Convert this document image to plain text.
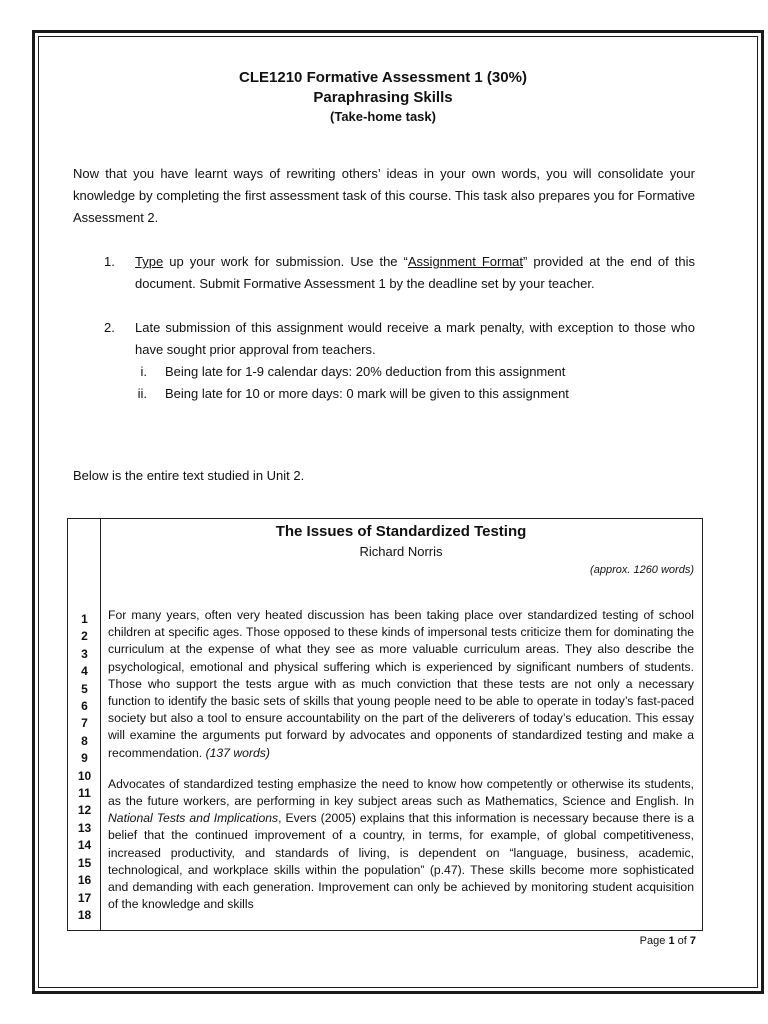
CLE1210 Formative Assessment 1 (30%)
Paraphrasing Skills
(Take-home task)
Now that you have learnt ways of rewriting others’ ideas in your own words, you will consolidate your knowledge by completing the first assessment task of this course. This task also prepares you for Formative Assessment 2.
1. Type up your work for submission. Use the “Assignment Format” provided at the end of this document. Submit Formative Assessment 1 by the deadline set by your teacher.
2. Late submission of this assignment would receive a mark penalty, with exception to those who have sought prior approval from teachers.
i. Being late for 1-9 calendar days: 20% deduction from this assignment
ii. Being late for 10 or more days: 0 mark will be given to this assignment
Below is the entire text studied in Unit 2.
1
2
3
4
5
6
7
8
9
10
11
12
13
14
15
16
17
18
The Issues of Standardized Testing
Richard Norris
(approx. 1260 words)

For many years, often very heated discussion has been taking place over standardized testing of school children at specific ages. Those opposed to these kinds of impersonal tests criticize them for dominating the curriculum at the expense of what they see as more valuable curriculum areas. They also describe the psychological, emotional and physical suffering which is experienced by significant numbers of students. Those who support the tests argue with as much conviction that these tests are not only a necessary function to identify the basic sets of skills that young people need to be able to operate in today’s fast-paced society but also a tool to ensure accountability on the part of the deliverers of today’s education. This essay will examine the arguments put forward by advocates and opponents of standardized testing and make a recommendation. (137 words)

Advocates of standardized testing emphasize the need to know how competently or otherwise its students, as the future workers, are performing in key subject areas such as Mathematics, Science and English. In National Tests and Implications, Evers (2005) explains that this information is necessary because there is a belief that the continued improvement of a country, in terms, for example, of global competitiveness, increased productivity, and standards of living, is dependent on “language, business, academic, technological, and workplace skills within the population” (p.47). These skills become more sophisticated and demanding with each generation. Improvement can only be achieved by monitoring student acquisition of the knowledge and skills

Page 1 of 7
